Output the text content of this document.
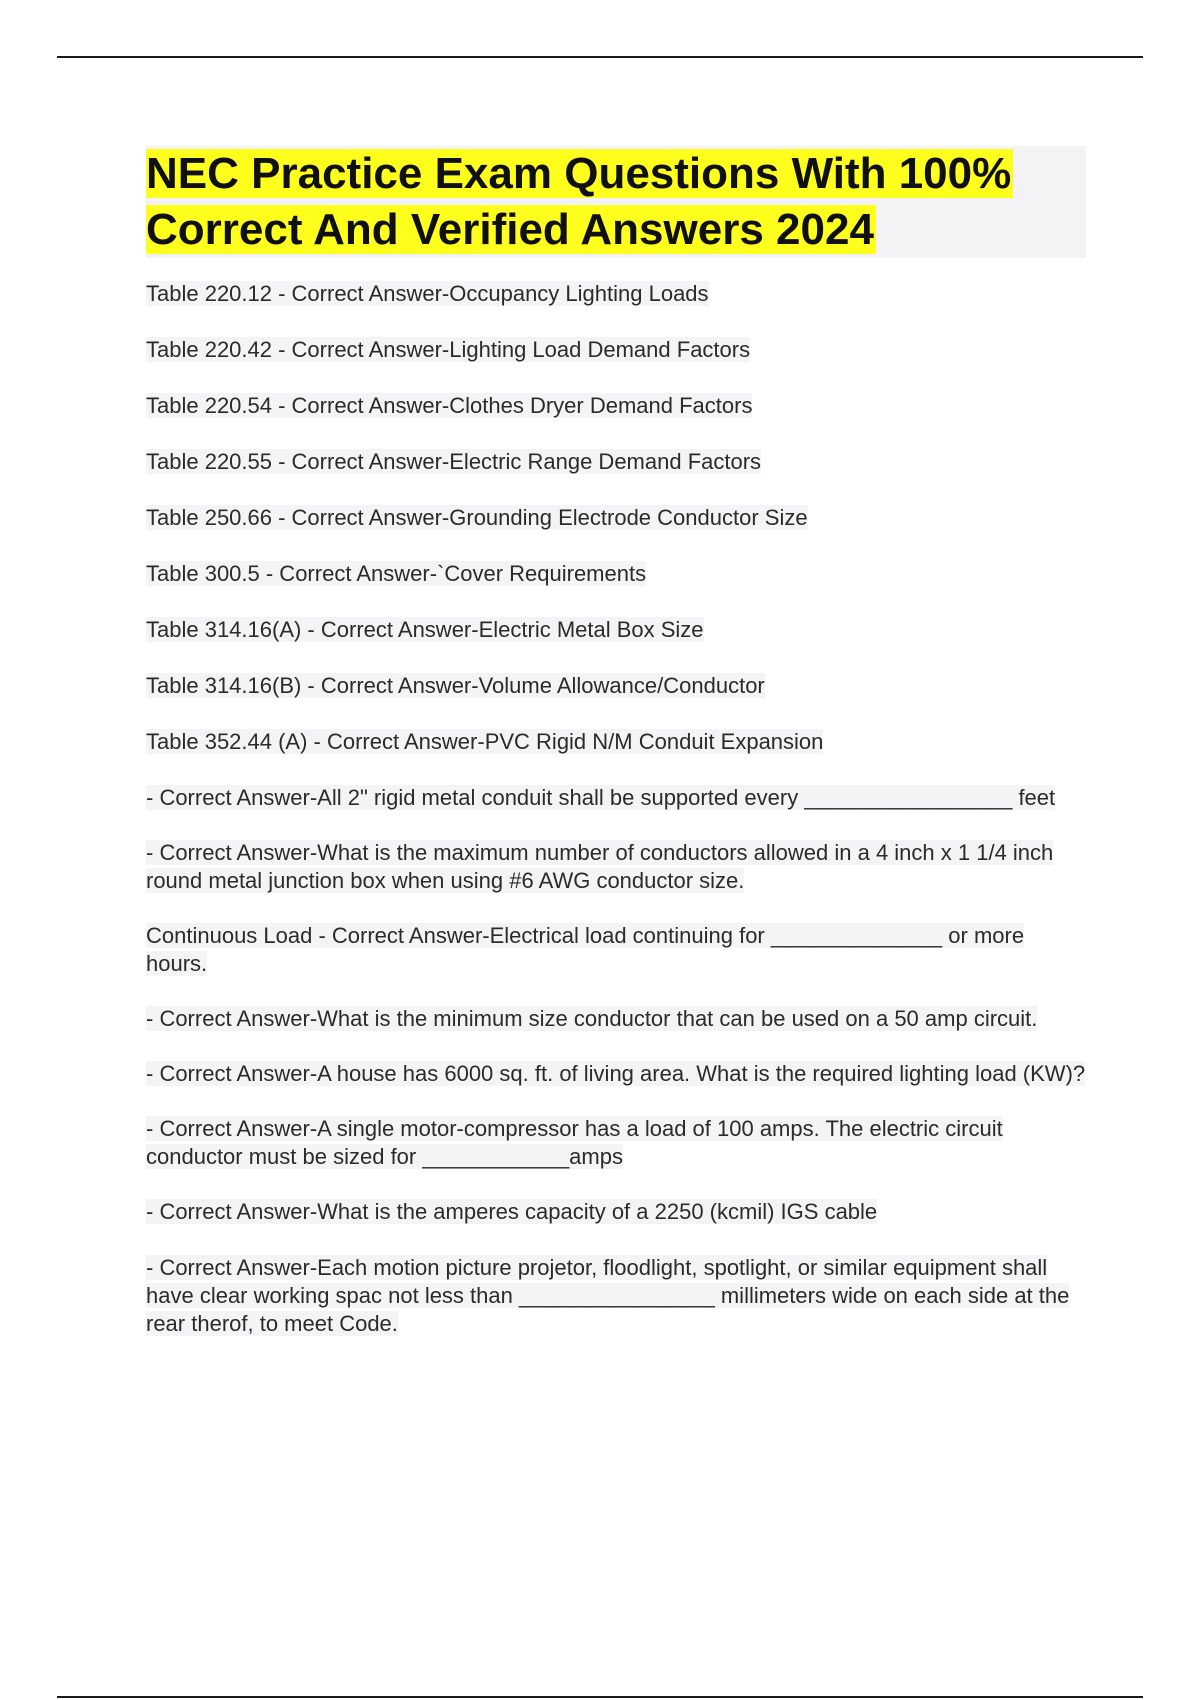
NEC Practice Exam Questions With 100% Correct And Verified Answers 2024

Table 220.12 - Correct Answer-Occupancy Lighting Loads

Table 220.42 - Correct Answer-Lighting Load Demand Factors

Table 220.54 - Correct Answer-Clothes Dryer Demand Factors

Table 220.55 - Correct Answer-Electric Range Demand Factors

Table 250.66 - Correct Answer-Grounding Electrode Conductor Size

Table 300.5 - Correct Answer-`Cover Requirements

Table 314.16(A) - Correct Answer-Electric Metal Box Size

Table 314.16(B) - Correct Answer-Volume Allowance/Conductor

Table 352.44 (A) - Correct Answer-PVC Rigid N/M Conduit Expansion

- Correct Answer-All 2" rigid metal conduit shall be supported every _________________ feet

- Correct Answer-What is the maximum number of conductors allowed in a 4 inch x 1 1/4 inch round metal junction box when using #6 AWG conductor size.

Continuous Load - Correct Answer-Electrical load continuing for ______________ or more hours.

- Correct Answer-What is the minimum size conductor that can be used on a 50 amp circuit.

- Correct Answer-A house has 6000 sq. ft. of living area. What is the required lighting load (KW)?

- Correct Answer-A single motor-compressor has a load of 100 amps. The electric circuit conductor must be sized for ____________amps

- Correct Answer-What is the amperes capacity of a 2250 (kcmil) IGS cable

- Correct Answer-Each motion picture projetor, floodlight, spotlight, or similar equipment shall have clear working spac not less than ________________ millimeters wide on each side at the rear therof, to meet Code.
